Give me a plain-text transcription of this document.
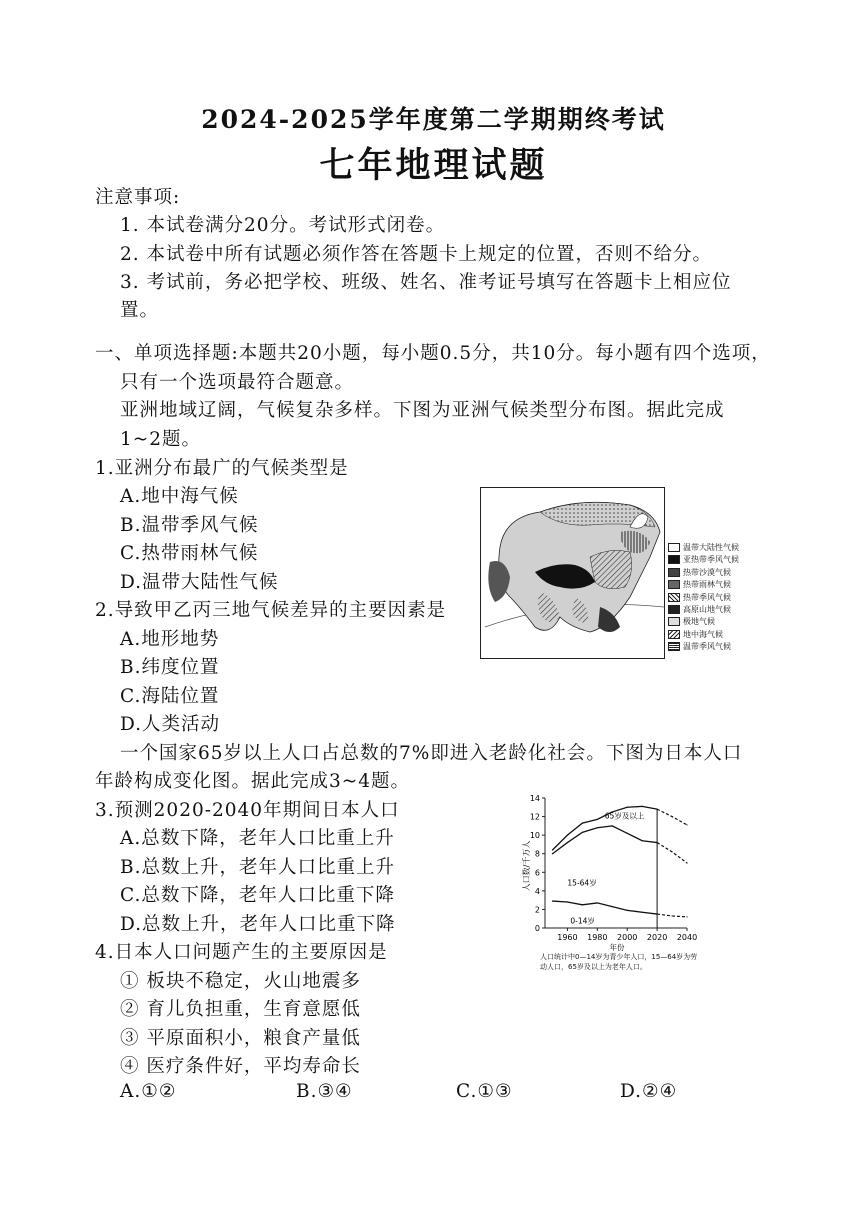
2024-2025学年度第二学期期终考试
七年地理试题
注意事项:
1. 本试卷满分20分。考试形式闭卷。
2. 本试卷中所有试题必须作答在答题卡上规定的位置，否则不给分。
3. 考试前，务必把学校、班级、姓名、准考证号填写在答题卡上相应位
置。
一、单项选择题:本题共20小题，每小题0.5分，共10分。每小题有四个选项，
只有一个选项最符合题意。
亚洲地域辽阔，气候复杂多样。下图为亚洲气候类型分布图。据此完成
1~2题。
1.亚洲分布最广的气候类型是
A.地中海气候
B.温带季风气候
C.热带雨林气候
D.温带大陆性气候
2.导致甲乙丙三地气候差异的主要因素是
A.地形地势
B.纬度位置
C.海陆位置
D.人类活动
温带大陆性气候
亚热带季风气候
热带沙漠气候
热带雨林气候
热带季风气候
高原山地气候
极地气候
地中海气候
温带季风气候
一个国家65岁以上人口占总数的7%即进入老龄化社会。下图为日本人口
年龄构成变化图。据此完成3~4题。
3.预测2020-2040年期间日本人口
A.总数下降，老年人口比重上升
B.总数上升，老年人口比重上升
C.总数下降，老年人口比重下降
D.总数上升，老年人口比重下降	0
2
4
6
8
10
12
14
1960 1980 2000 2020 2040
0-14岁
15-64岁
65岁及以上
人口数/千万人
年份
人口统计中0—14岁为青少年人口，15—64岁为劳动人口，65岁及以上为老年人口。
4.日本人口问题产生的主要原因是
① 板块不稳定，火山地震多
② 育儿负担重，生育意愿低
③ 平原面积小，粮食产量低
④ 医疗条件好，平均寿命长
A.①②	B.③④	C.①③	D.②④
